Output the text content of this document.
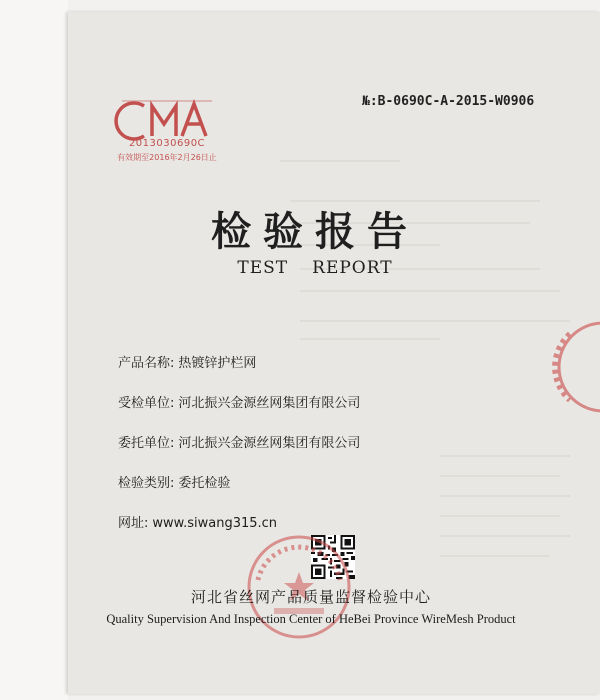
2013030690C
有效期至2016年2月26日止
№:B-0690C-A-2015-W0906
检验报告
TEST REPORT
产品名称: 热镀锌护栏网
受检单位: 河北振兴金源丝网集团有限公司
委托单位: 河北振兴金源丝网集团有限公司
检验类别: 委托检验
网址: www.siwang315.cn
河北省丝网产品质量监督检验中心
Quality Supervision And Inspection Center of HeBei Province WireMesh Product
